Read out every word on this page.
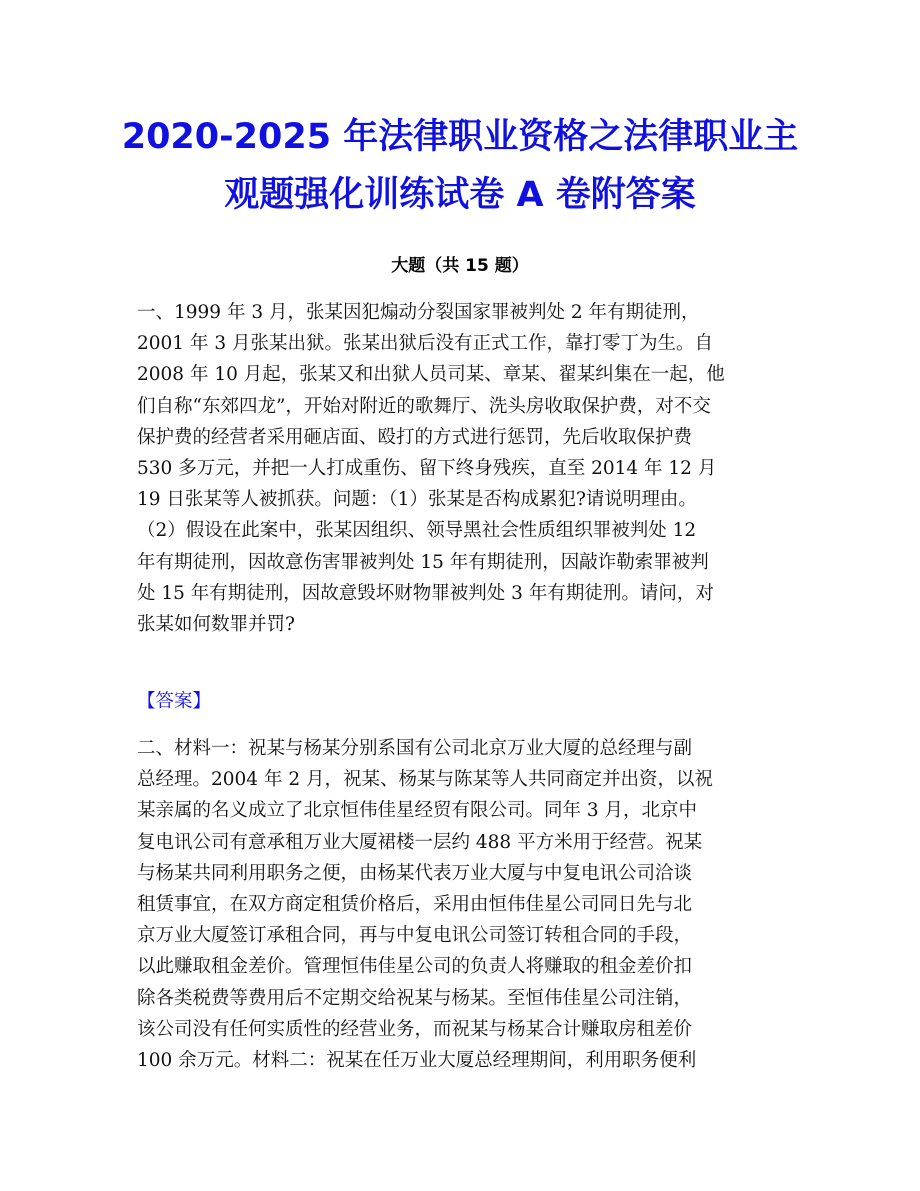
2020-2025 年法律职业资格之法律职业主
观题强化训练试卷 A 卷附答案
大题（共 15 题）
一、1999 年 3 月，张某因犯煽动分裂国家罪被判处 2 年有期徒刑，
2001 年 3 月张某出狱。张某出狱后没有正式工作，靠打零丁为生。自
2008 年 10 月起，张某又和出狱人员司某、章某、翟某纠集在一起，他
们自称“东郊四龙”，开始对附近的歌舞厅、洗头房收取保护费，对不交
保护费的经营者采用砸店面、殴打的方式进行惩罚，先后收取保护费
530 多万元，并把一人打成重伤、留下终身残疾，直至 2014 年 12 月
19 日张某等人被抓获。问题：（1）张某是否构成累犯?请说明理由。
（2）假设在此案中，张某因组织、领导黑社会性质组织罪被判处 12
年有期徒刑，因故意伤害罪被判处 15 年有期徒刑，因敲诈勒索罪被判
处 15 年有期徒刑，因故意毁坏财物罪被判处 3 年有期徒刑。请问，对
张某如何数罪并罚?
【答案】
二、材料一：祝某与杨某分别系国有公司北京万业大厦的总经理与副
总经理。2004 年 2 月，祝某、杨某与陈某等人共同商定并出资，以祝
某亲属的名义成立了北京恒伟佳星经贸有限公司。同年 3 月，北京中
复电讯公司有意承租万业大厦裙楼一层约 488 平方米用于经营。祝某
与杨某共同利用职务之便，由杨某代表万业大厦与中复电讯公司洽谈
租赁事宜，在双方商定租赁价格后，采用由恒伟佳星公司同日先与北
京万业大厦签订承租合同，再与中复电讯公司签订转租合同的手段，
以此赚取租金差价。管理恒伟佳星公司的负责人将赚取的租金差价扣
除各类税费等费用后不定期交给祝某与杨某。至恒伟佳星公司注销，
该公司没有任何实质性的经营业务，而祝某与杨某合计赚取房租差价
100 余万元。材料二：祝某在任万业大厦总经理期间，利用职务便利
